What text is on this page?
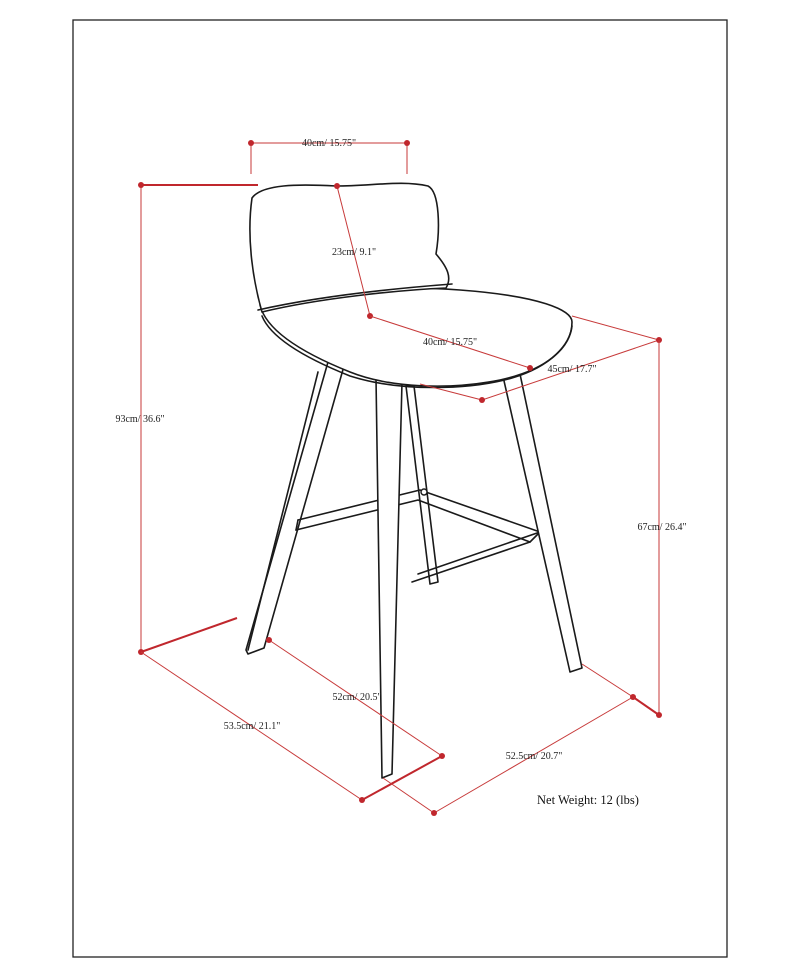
40cm/ 15.75"
23cm/ 9.1"
40cm/ 15.75"
45cm/ 17.7"
93cm/ 36.6"
67cm/ 26.4"
52cm/ 20.5"
53.5cm/ 21.1"
52.5cm/ 20.7"
Net Weight: 12 (lbs)
